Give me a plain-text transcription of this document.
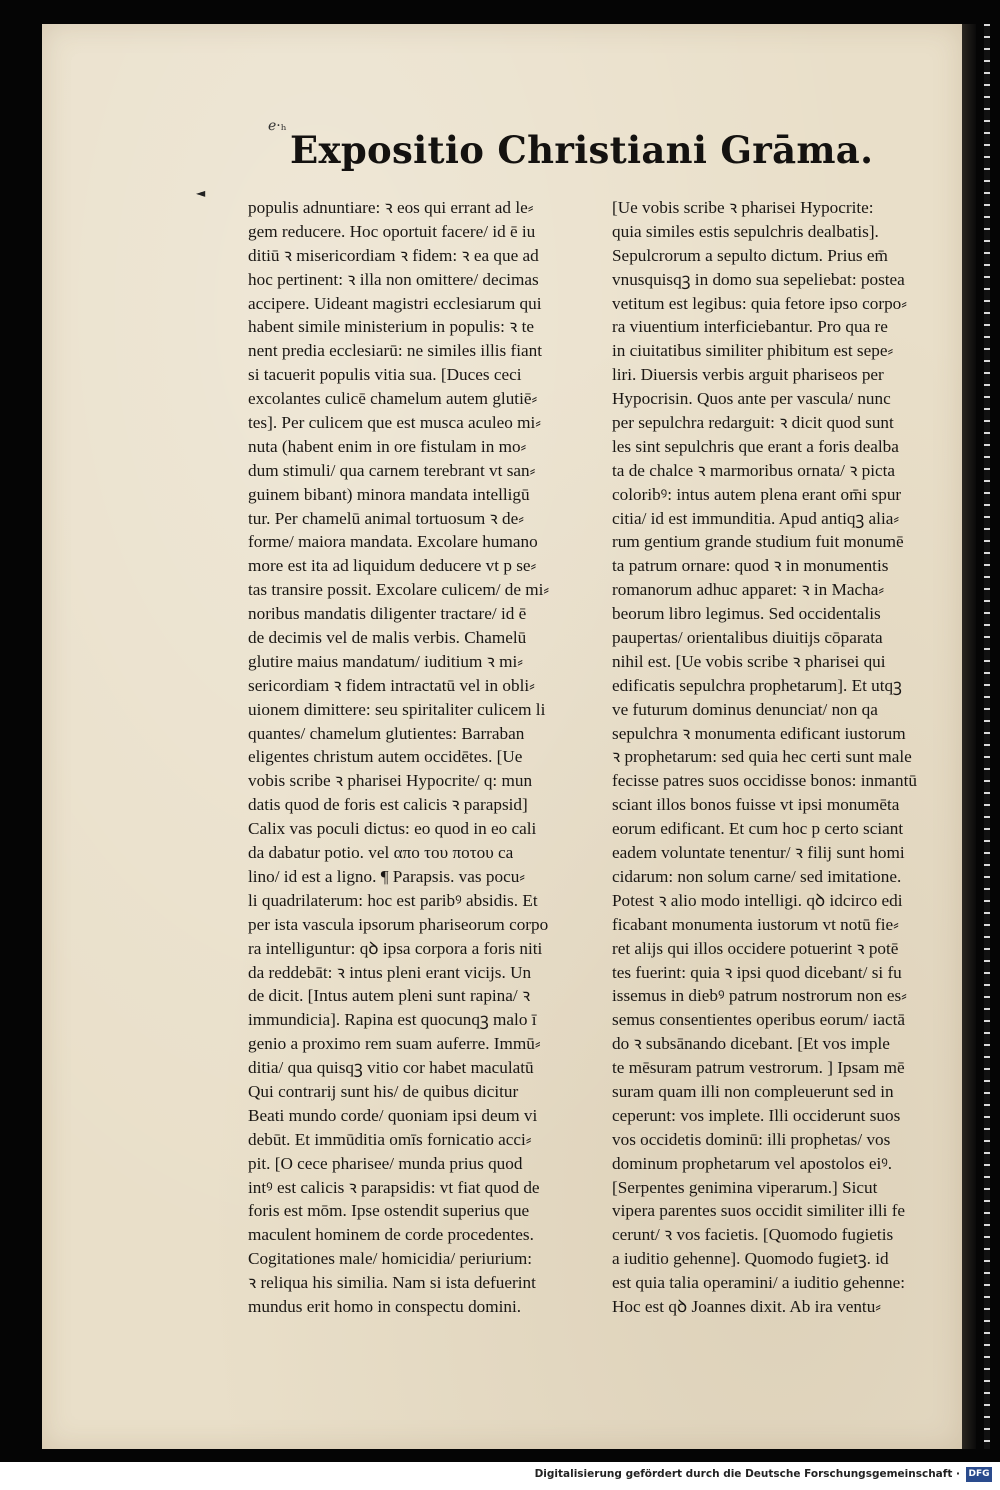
ℯ·ₕ
◄
Expositio Christiani Grāma.
populis adnuntiare: ꝛ eos qui errant ad le⸗
gem reducere. Hoc oportuit facere/ id ē iu
ditiū ꝛ misericordiam ꝛ fidem: ꝛ ea que ad
hoc pertinent: ꝛ illa non omittere/ decimas
accipere. Uideant magistri ecclesiarum qui
habent simile ministerium in populis: ꝛ te
nent predia ecclesiarū: ne similes illis fiant
si tacuerit populis vitia sua. [Duces ceci
excolantes culicē chamelum autem glutiē⸗
tes]. Per culicem que est musca aculeo mi⸗
nuta (habent enim in ore fistulam in mo⸗
dum stimuli/ qua carnem terebrant vt san⸗
guinem bibant) minora mandata intelligū
tur. Per chamelū animal tortuosum ꝛ de⸗
forme/ maiora mandata. Excolare humano
more est ita ad liquidum deducere vt p se⸗
tas transire possit. Excolare culicem/ de mi⸗
noribus mandatis diligenter tractare/ id ē
de decimis vel de malis verbis. Chamelū
glutire maius mandatum/ iuditium ꝛ mi⸗
sericordiam ꝛ fidem intractatū vel in obli⸗
uionem dimittere: seu spiritaliter culicem li
quantes/ chamelum glutientes: Barraban
eligentes christum autem occidētes. [Ue
vobis scribe ꝛ pharisei Hypocrite/ q: mun
datis quod de foris est calicis ꝛ parapsid]
Calix vas poculi dictus: eo quod in eo cali
da dabatur potio. vel απο του ποτου ca
lino/ id est a ligno. ¶ Parapsis. vas pocu⸗
li quadrilaterum: hoc est paribꝰ absidis. Et
per ista vascula ipsorum phariseorum corpo
ra intelliguntur: qꝺ ipsa corpora a foris niti
da reddebāt: ꝛ intus pleni erant vicijs. Un
de dicit. [Intus autem pleni sunt rapina/ ꝛ
immundicia]. Rapina est quocunqꝫ malo ī
genio a proximo rem suam auferre. Immū⸗
ditia/ qua quisqꝫ vitio cor habet maculatū
Qui contrarij sunt his/ de quibus dicitur
Beati mundo corde/ quoniam ipsi deum vi
debūt. Et immūditia omīs fornicatio acci⸗
pit. [O cece pharisee/ munda prius quod
intꝰ est calicis ꝛ parapsidis: vt fiat quod de
foris est mōm. Ipse ostendit superius que
maculent hominem de corde procedentes.
Cogitationes male/ homicidia/ periurium:
ꝛ reliqua his similia. Nam si ista defuerint
mundus erit homo in conspectu domini.
[Ue vobis scribe ꝛ pharisei Hypocrite:
quia similes estis sepulchris dealbatis].
Sepulcrorum a sepulto dictum. Prius em̄
vnusquisqꝫ in domo sua sepeliebat: postea
vetitum est legibus: quia fetore ipso corpo⸗
ra viuentium interficiebantur. Pro qua re
in ciuitatibus similiter phibitum est sepe⸗
liri. Diuersis verbis arguit phariseos per
Hypocrisin. Quos ante per vascula/ nunc
per sepulchra redarguit: ꝛ dicit quod sunt
les sint sepulchris que erant a foris dealba
ta de chalce ꝛ marmoribus ornata/ ꝛ picta
coloribꝰ: intus autem plena erant om̄i spur
citia/ id est immunditia. Apud antiqꝫ alia⸗
rum gentium grande studium fuit monumē
ta patrum ornare: quod ꝛ in monumentis
romanorum adhuc apparet: ꝛ in Macha⸗
beorum libro legimus. Sed occidentalis
paupertas/ orientalibus diuitijs cōparata
nihil est. [Ue vobis scribe ꝛ pharisei qui
edificatis sepulchra prophetarum]. Et utqꝫ
ve futurum dominus denunciat/ non qa
sepulchra ꝛ monumenta edificant iustorum
ꝛ prophetarum: sed quia hec certi sunt male
fecisse patres suos occidisse bonos: inmantū
sciant illos bonos fuisse vt ipsi monumēta
eorum edificant. Et cum hoc p certo sciant
eadem voluntate tenentur/ ꝛ filij sunt homi
cidarum: non solum carne/ sed imitatione.
Potest ꝛ alio modo intelligi. qꝺ idcirco edi
ficabant monumenta iustorum vt notū fie⸗
ret alijs qui illos occidere potuerint ꝛ potē
tes fuerint: quia ꝛ ipsi quod dicebant/ si fu
issemus in diebꝰ patrum nostrorum non es⸗
semus consentientes operibus eorum/ iactā
do ꝛ subsānando dicebant. [Et vos imple
te mēsuram patrum vestrorum. ] Ipsam mē
suram quam illi non compleuerunt sed in
ceperunt: vos implete. Illi occiderunt suos
vos occidetis dominū: illi prophetas/ vos
dominum prophetarum vel apostolos eiꝰ.
[Serpentes genimina viperarum.] Sicut
vipera parentes suos occidit similiter illi fe
cerunt/ ꝛ vos facietis. [Quomodo fugietis
a iuditio gehenne]. Quomodo fugietꝫ. id
est quia talia operamini/ a iuditio gehenne:
Hoc est qꝺ Joannes dixit. Ab ira ventu⸗
Digitalisierung gefördert durch die Deutsche Forschungsgemeinschaft · DFG
